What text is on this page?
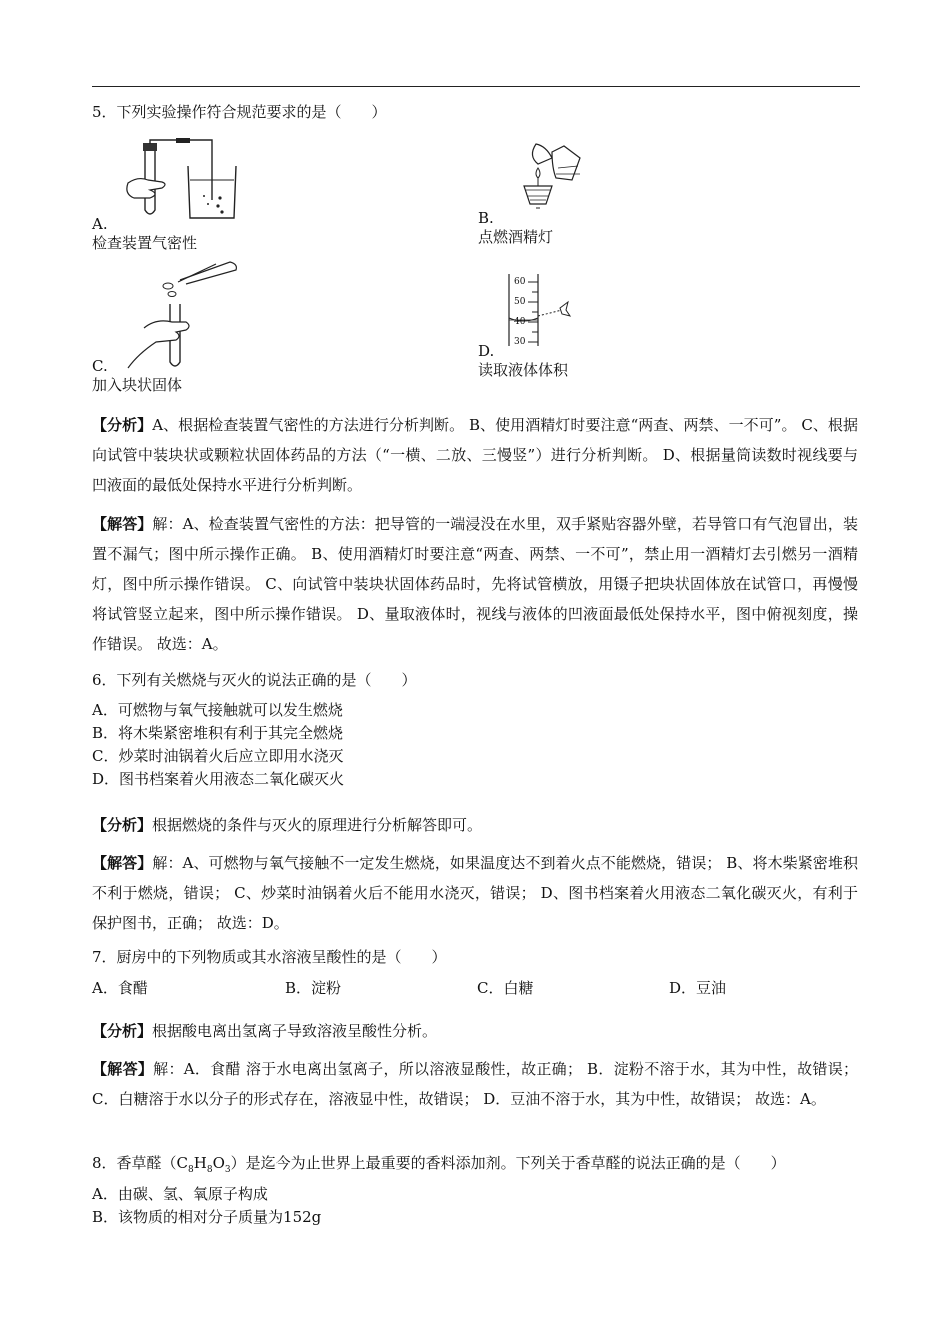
5．下列实验操作符合规范要求的是（　　）
A.
检查装置气密性
B.
点燃酒精灯
C.
加入块状固体
60
50
40
30
D.
读取液体体积
【分析】A、根据检查装置气密性的方法进行分析判断。 B、使用酒精灯时要注意“两查、两禁、一不可”。 C、根据向试管中装块状或颗粒状固体药品的方法（“一横、二放、三慢竖”）进行分析判断。 D、根据量筒读数时视线要与凹液面的最低处保持水平进行分析判断。
【解答】解：A、检查装置气密性的方法：把导管的一端浸没在水里，双手紧贴容器外壁，若导管口有气泡冒出，装置不漏气；图中所示操作正确。 B、使用酒精灯时要注意“两查、两禁、一不可”，禁止用一酒精灯去引燃另一酒精灯，图中所示操作错误。 C、向试管中装块状固体药品时，先将试管横放，用镊子把块状固体放在试管口，再慢慢将试管竖立起来，图中所示操作错误。 D、量取液体时，视线与液体的凹液面最低处保持水平，图中俯视刻度，操作错误。 故选：A。
6．下列有关燃烧与灭火的说法正确的是（　　）
A．可燃物与氧气接触就可以发生燃烧
B．将木柴紧密堆积有利于其完全燃烧
C．炒菜时油锅着火后应立即用水浇灭
D．图书档案着火用液态二氧化碳灭火
【分析】根据燃烧的条件与灭火的原理进行分析解答即可。
【解答】解：A、可燃物与氧气接触不一定发生燃烧，如果温度达不到着火点不能燃烧，错误； B、将木柴紧密堆积不利于燃烧，错误； C、炒菜时油锅着火后不能用水浇灭，错误； D、图书档案着火用液态二氧化碳灭火，有利于保护图书，正确； 故选：D。
7．厨房中的下列物质或其水溶液呈酸性的是（　　）
A．食醋	B．淀粉	C．白糖	D．豆油
【分析】根据酸电离出氢离子导致溶液呈酸性分析。
【解答】解：A．食醋 溶于水电离出氢离子，所以溶液显酸性，故正确； B．淀粉不溶于水，其为中性，故错误； C．白糖溶于水以分子的形式存在，溶液显中性，故错误； D．豆油不溶于水，其为中性，故错误； 故选：A。
8．香草醛$(C_8H_8O_3)$是迄今为止世界上最重要的香料添加剂。下列关于香草醛的说法正确的是（　　）
A．由碳、氢、氧原子构成
B．该物质的相对分子质量为152g
